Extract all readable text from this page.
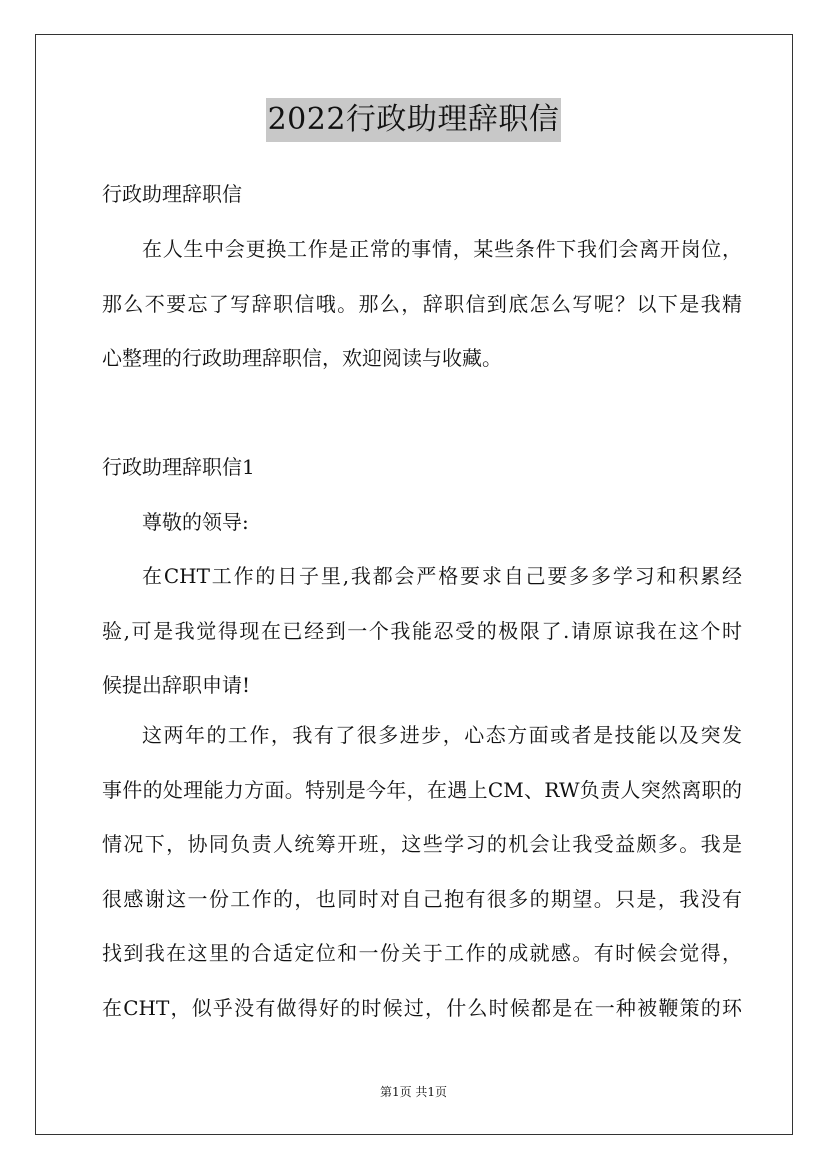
2022行政助理辞职信
行政助理辞职信
在人生中会更换工作是正常的事情，某些条件下我们会离开岗位，
那么不要忘了写辞职信哦。那么，辞职信到底怎么写呢？以下是我精
心整理的行政助理辞职信，欢迎阅读与收藏。
行政助理辞职信1
尊敬的领导:
在CHT工作的日子里,我都会严格要求自己要多多学习和积累经
验,可是我觉得现在已经到一个我能忍受的极限了.请原谅我在这个时
候提出辞职申请!
这两年的工作，我有了很多进步，心态方面或者是技能以及突发
事件的处理能力方面。特别是今年，在遇上CM、RW负责人突然离职的
情况下，协同负责人统筹开班，这些学习的机会让我受益颇多。我是
很感谢这一份工作的，也同时对自己抱有很多的期望。只是，我没有
找到我在这里的合适定位和一份关于工作的成就感。有时候会觉得，
在CHT，似乎没有做得好的时候过，什么时候都是在一种被鞭策的环
第1页 共1页
